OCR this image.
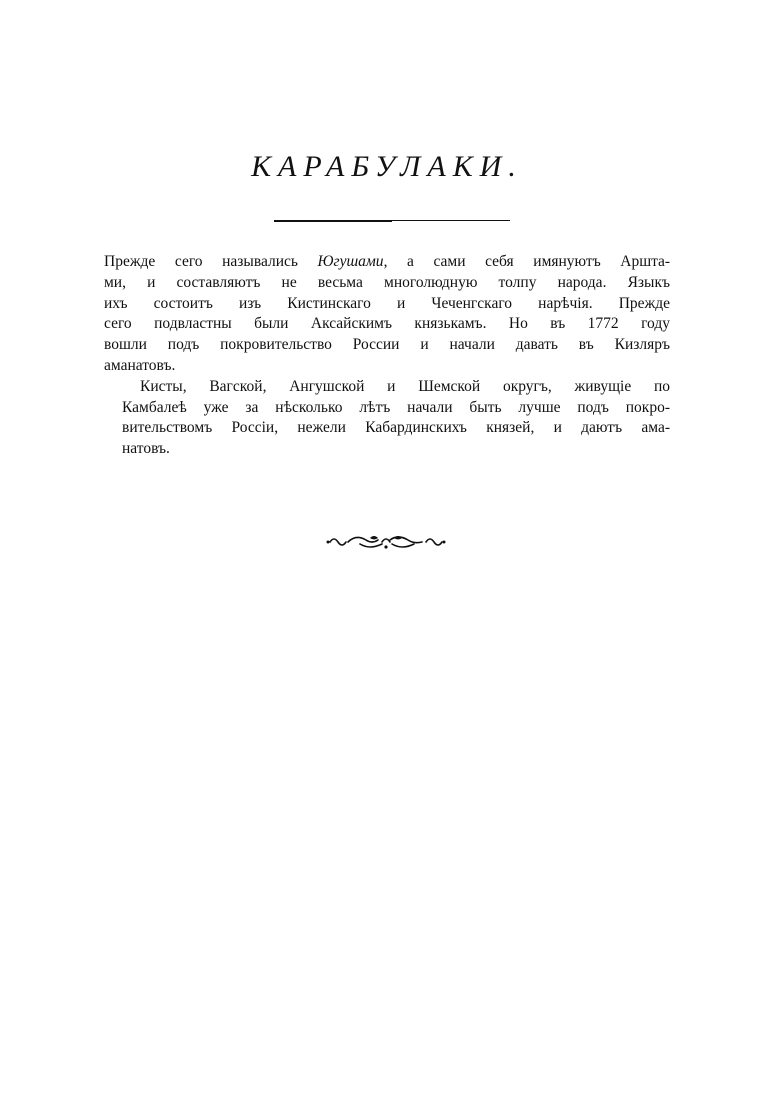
КАРАБУЛАКИ.

Прежде сего назывались Югушами, а сами себя имянуютъ Арштa-
ми, и составляютъ не весьма многолюдную толпу народа. Языкъ
ихъ состоитъ изъ Кистинскаго и Чеченгскаго нарѣчія. Прежде
сего подвластны были Аксайскимъ князькамъ. Но въ 1772 году
вошли подъ покровительство России и начали давать въ Кизляръ
аманатовъ.

Кисты, Вагской, Ангушской и Шемской округъ, живущіе по
Камбалеѣ уже за нѣсколько лѣтъ начали быть лучше подъ покро-
вительствомъ Россіи, нежели Кабардинскихъ князей, и даютъ ама-
натовъ.
